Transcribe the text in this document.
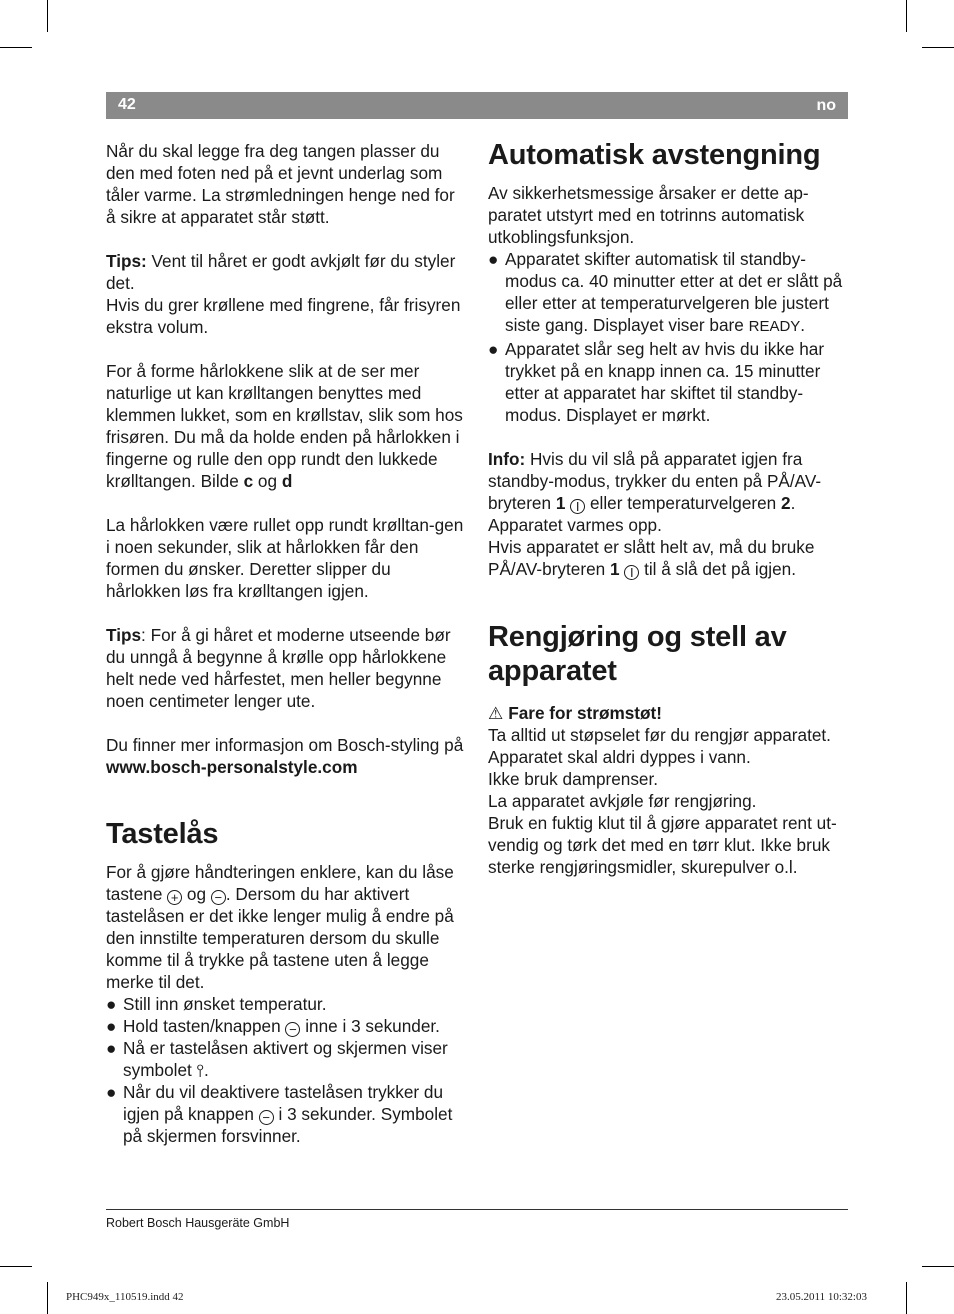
42	no

Når du skal legge fra deg tangen plasser du den med foten ned på et jevnt underlag som tåler varme. La strømledningen henge ned for å sikre at apparatet står støtt.

Tips: Vent til håret er godt avkjølt før du styler det.

Hvis du grer krøllene med fingrene, får frisyren ekstra volum.

For å forme hårlokkene slik at de ser mer naturlige ut kan krølltangen benyttes med klemmen lukket, som en krøllstav, slik som hos frisøren. Du må da holde enden på hårlokken i fingerne og rulle den opp rundt den lukkede krølltangen. Bilde c og d

La hårlokken være rullet opp rundt krølltan-gen i noen sekunder, slik at hårlokken får den formen du ønsker. Deretter slipper du hårlokken løs fra krølltangen igjen.

Tips: For å gi håret et moderne utseende bør du unngå å begynne å krølle opp hårlokkene helt nede ved hårfestet, men heller begynne noen centimeter lenger ute.

Du finner mer informasjon om Bosch-styling på

www.bosch-personalstyle.com

Tastelås

For å gjøre håndteringen enklere, kan du låse tastene + og − . Dersom du har aktivert tastelåsen er det ikke lenger mulig å endre på den innstilte temperaturen dersom du skulle komme til å trykke på tastene uten å legge merke til det.

● Still inn ønsket temperatur.
● Hold tasten/knappen − inne i 3 sekunder.
● Nå er tastelåsen aktivert og skjermen viser symbolet ⫯.
● Når du vil deaktivere tastelåsen trykker du igjen på knappen − i 3 sekunder. Symbolet på skjermen forsvinner.
Automatisk avstengning

Av sikkerhetsmessige årsaker er dette ap-paratet utstyrt med en totrinns automatisk utkoblingsfunksjon.

● Apparatet skifter automatisk til standby-modus ca. 40 minutter etter at det er slått på eller etter at temperaturvelgeren ble justert siste gang. Displayet viser bare READY.
● Apparatet slår seg helt av hvis du ikke har trykket på en knapp innen ca. 15 minutter etter at apparatet har skiftet til standby-modus. Displayet er mørkt.

Info: Hvis du vil slå på apparatet igjen fra standby-modus, trykker du enten på PÅ/AV-bryteren 1 I eller temperaturvelgeren 2.

Apparatet varmes opp.

Hvis apparatet er slått helt av, må du bruke PÅ/AV-bryteren 1 I til å slå det på igjen.

Rengjøring og stell av apparatet

⚠ Fare for strømstøt!

Ta alltid ut støpselet før du rengjør apparatet.

Apparatet skal aldri dyppes i vann.

Ikke bruk damprenser.

La apparatet avkjøle før rengjøring.

Bruk en fuktig klut til å gjøre apparatet rent ut-vendig og tørk det med en tørr klut. Ikke bruk sterke rengjøringsmidler, skurepulver o.l.

Robert Bosch Hausgeräte GmbH
PHC949x_110519.indd 42	23.05.2011 10:32:03
